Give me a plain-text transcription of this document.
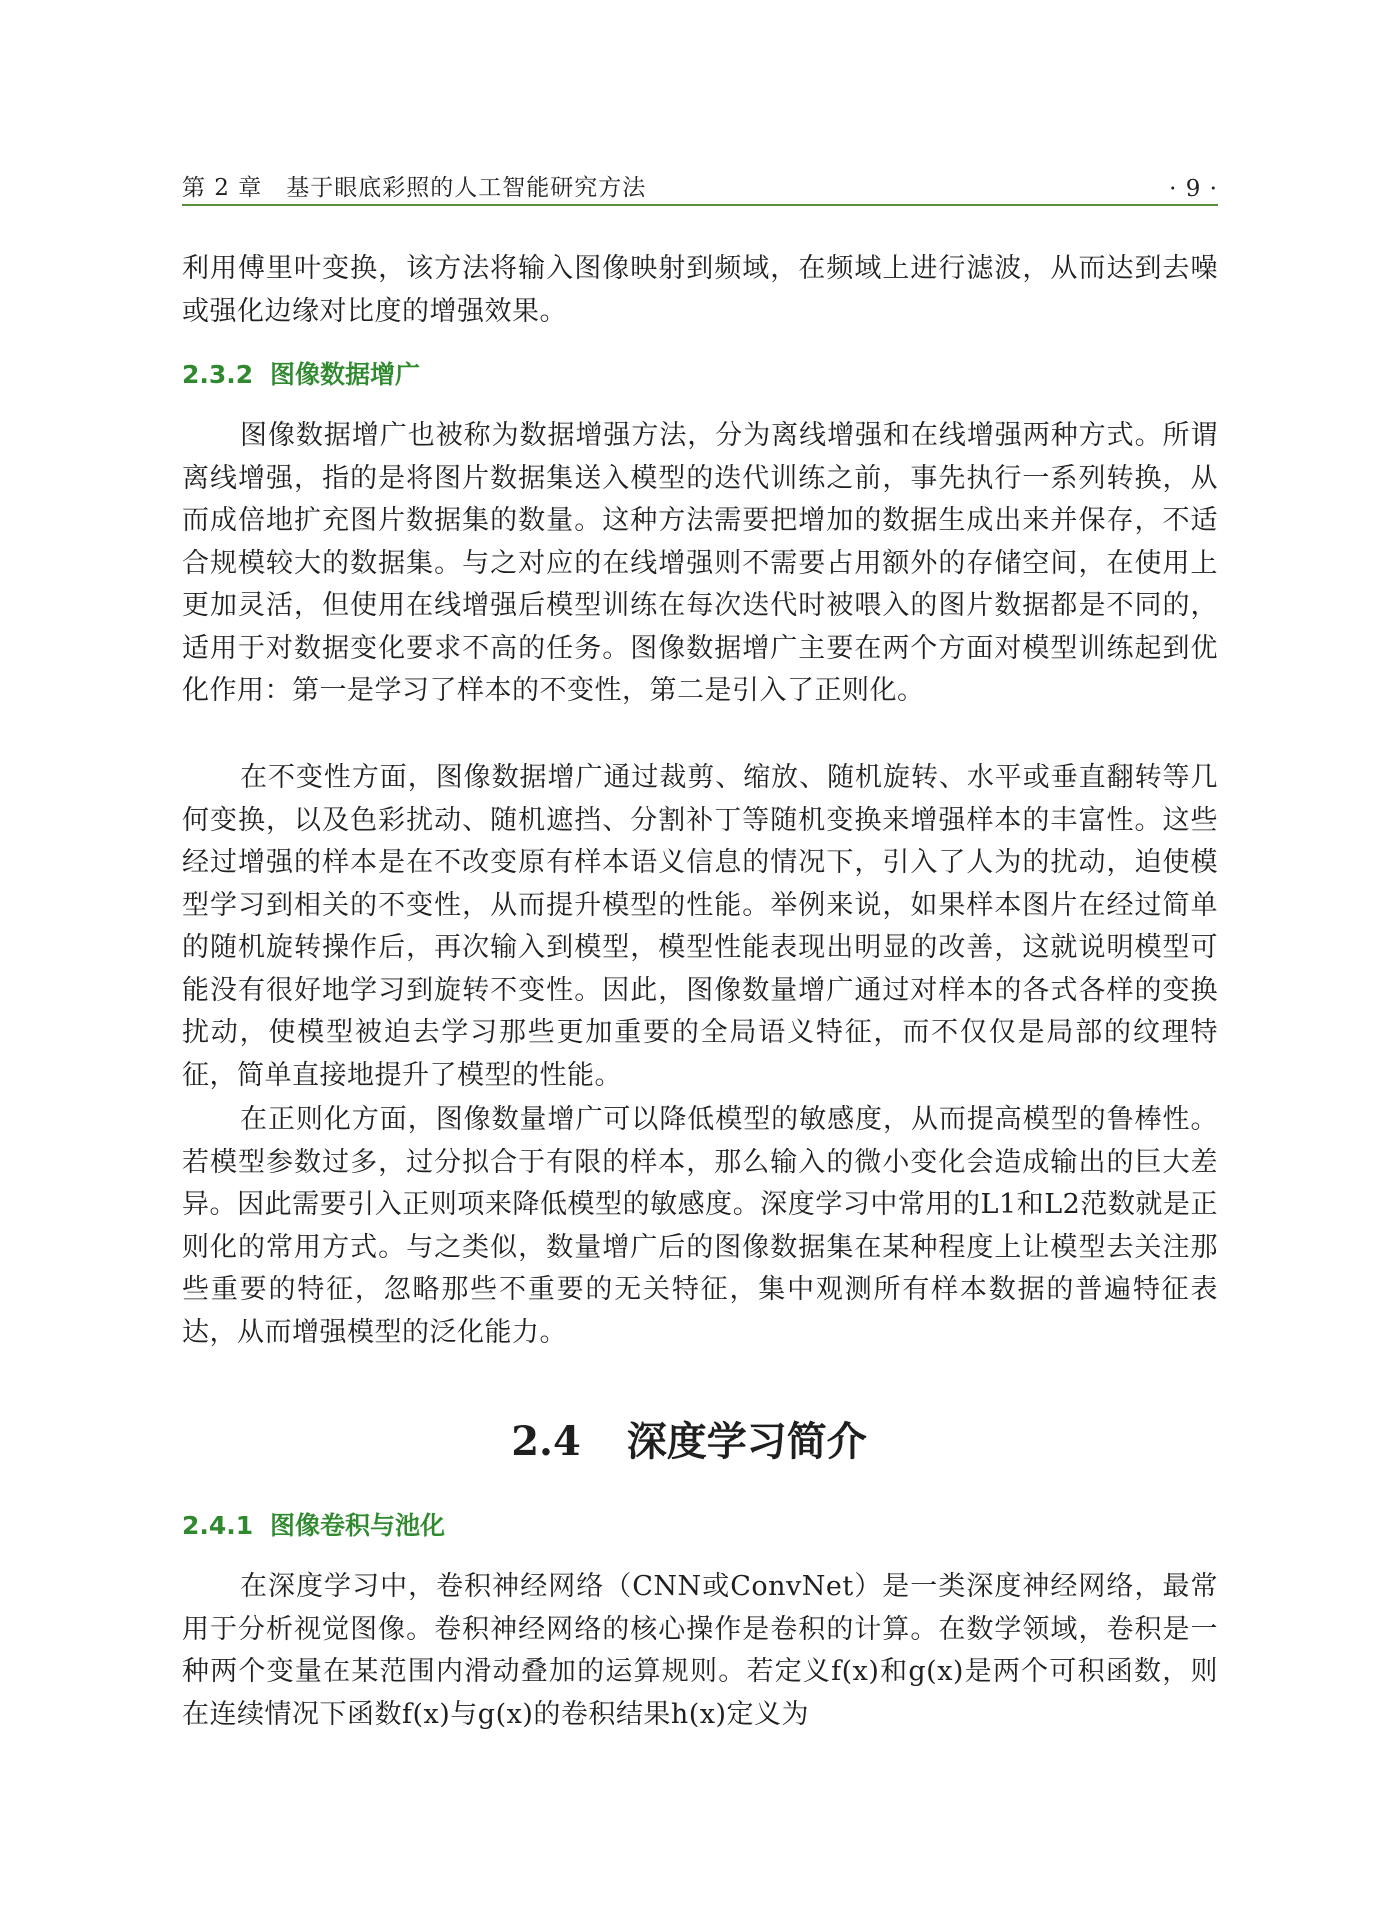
第 2 章　基于眼底彩照的人工智能研究方法	· 9 ·

利用傅里叶变换，该方法将输入图像映射到频域，在频域上进行滤波，从而达到去噪或强化边缘对比度的增强效果。

2.3.2 图像数据增广

图像数据增广也被称为数据增强方法，分为离线增强和在线增强两种方式。所谓离线增强，指的是将图片数据集送入模型的迭代训练之前，事先执行一系列转换，从而成倍地扩充图片数据集的数量。这种方法需要把增加的数据生成出来并保存，不适合规模较大的数据集。与之对应的在线增强则不需要占用额外的存储空间，在使用上更加灵活，但使用在线增强后模型训练在每次迭代时被喂入的图片数据都是不同的，适用于对数据变化要求不高的任务。图像数据增广主要在两个方面对模型训练起到优化作用：第一是学习了样本的不变性，第二是引入了正则化。

在不变性方面，图像数据增广通过裁剪、缩放、随机旋转、水平或垂直翻转等几何变换，以及色彩扰动、随机遮挡、分割补丁等随机变换来增强样本的丰富性。这些经过增强的样本是在不改变原有样本语义信息的情况下，引入了人为的扰动，迫使模型学习到相关的不变性，从而提升模型的性能。举例来说，如果样本图片在经过简单的随机旋转操作后，再次输入到模型，模型性能表现出明显的改善，这就说明模型可能没有很好地学习到旋转不变性。因此，图像数量增广通过对样本的各式各样的变换扰动，使模型被迫去学习那些更加重要的全局语义特征，而不仅仅是局部的纹理特征，简单直接地提升了模型的性能。

在正则化方面，图像数量增广可以降低模型的敏感度，从而提高模型的鲁棒性。若模型参数过多，过分拟合于有限的样本，那么输入的微小变化会造成输出的巨大差异。因此需要引入正则项来降低模型的敏感度。深度学习中常用的L1和L2范数就是正则化的常用方式。与之类似，数量增广后的图像数据集在某种程度上让模型去关注那些重要的特征，忽略那些不重要的无关特征，集中观测所有样本数据的普遍特征表达，从而增强模型的泛化能力。

2.4 深度学习简介
2.4.1 图像卷积与池化

在深度学习中，卷积神经网络（CNN或ConvNet）是一类深度神经网络，最常用于分析视觉图像。卷积神经网络的核心操作是卷积的计算。在数学领域，卷积是一种两个变量在某范围内滑动叠加的运算规则。若定义f(x)和g(x)是两个可积函数，则在连续情况下函数f(x)与g(x)的卷积结果h(x)定义为
